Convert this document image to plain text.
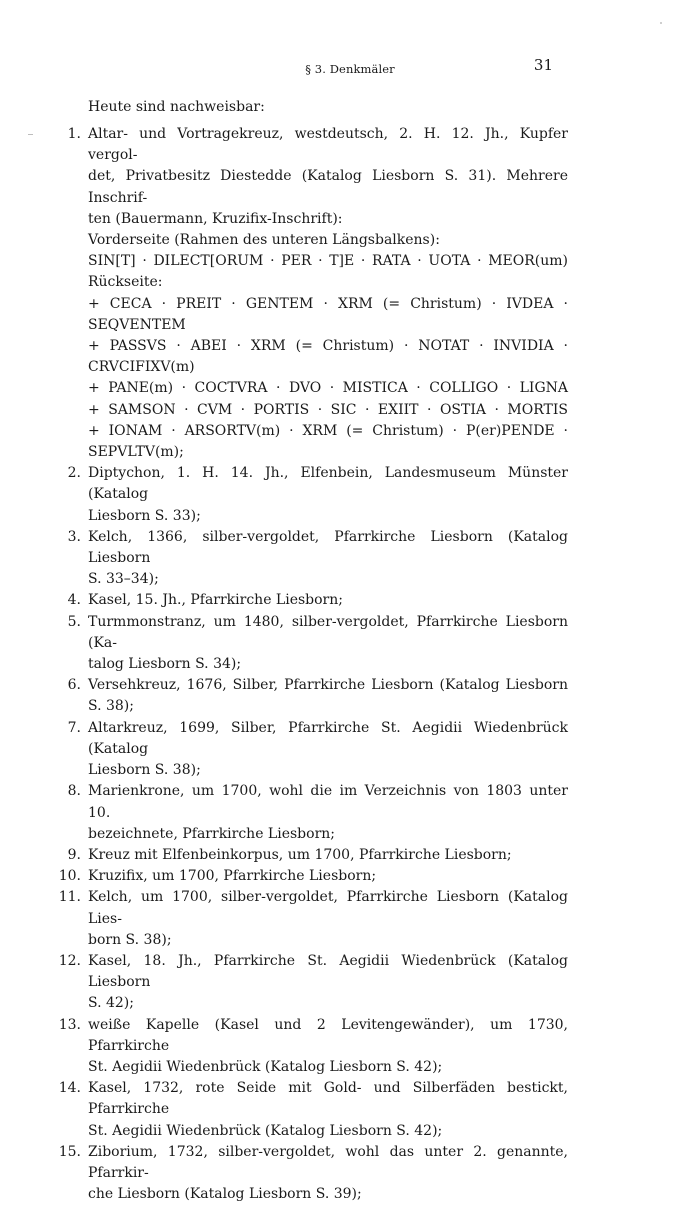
§ 3. Denkmäler	31
Heute sind nachweisbar:
1. Altar- und Vortragekreuz, westdeutsch, 2. H. 12. Jh., Kupfer vergol-
det, Privatbesitz Diestedde (Katalog Liesborn S. 31). Mehrere Inschrif-
ten (Bauermann, Kruzifix-Inschrift):
Vorderseite (Rahmen des unteren Längsbalkens):
SIN[T] · DILECT[ORUM · PER · T]E · RATA · UOTA · MEOR(um)
Rückseite:
+ CECA · PREIT · GENTEM · XRM (= Christum) · IVDEA ·
SEQVENTEM
+ PASSVS · ABEI · XRM (= Christum) · NOTAT · INVIDIA ·
CRVCIFIXV(m)
+ PANE(m) · COCTVRA · DVO · MISTICA · COLLIGO · LIGNA
+ SAMSON · CVM · PORTIS · SIC · EXIIT · OSTIA · MORTIS
+ IONAM · ARSORTV(m) · XRM (= Christum) · P(er)PENDE ·
SEPVLTV(m);
2. Diptychon, 1. H. 14. Jh., Elfenbein, Landesmuseum Münster (Katalog
Liesborn S. 33);
3. Kelch, 1366, silber-vergoldet, Pfarrkirche Liesborn (Katalog Liesborn
S. 33–34);
4. Kasel, 15. Jh., Pfarrkirche Liesborn;
5. Turmmonstranz, um 1480, silber-vergoldet, Pfarrkirche Liesborn (Ka-
talog Liesborn S. 34);
6. Versehkreuz, 1676, Silber, Pfarrkirche Liesborn (Katalog Liesborn
S. 38);
7. Altarkreuz, 1699, Silber, Pfarrkirche St. Aegidii Wiedenbrück (Katalog
Liesborn S. 38);
8. Marienkrone, um 1700, wohl die im Verzeichnis von 1803 unter 10.
bezeichnete, Pfarrkirche Liesborn;
9. Kreuz mit Elfenbeinkorpus, um 1700, Pfarrkirche Liesborn;
10. Kruzifix, um 1700, Pfarrkirche Liesborn;
11. Kelch, um 1700, silber-vergoldet, Pfarrkirche Liesborn (Katalog Lies-
born S. 38);
12. Kasel, 18. Jh., Pfarrkirche St. Aegidii Wiedenbrück (Katalog Liesborn
S. 42);
13. weiße Kapelle (Kasel und 2 Levitengewänder), um 1730, Pfarrkirche
St. Aegidii Wiedenbrück (Katalog Liesborn S. 42);
14. Kasel, 1732, rote Seide mit Gold- und Silberfäden bestickt, Pfarrkirche
St. Aegidii Wiedenbrück (Katalog Liesborn S. 42);
15. Ziborium, 1732, silber-vergoldet, wohl das unter 2. genannte, Pfarrkir-
che Liesborn (Katalog Liesborn S. 39);
